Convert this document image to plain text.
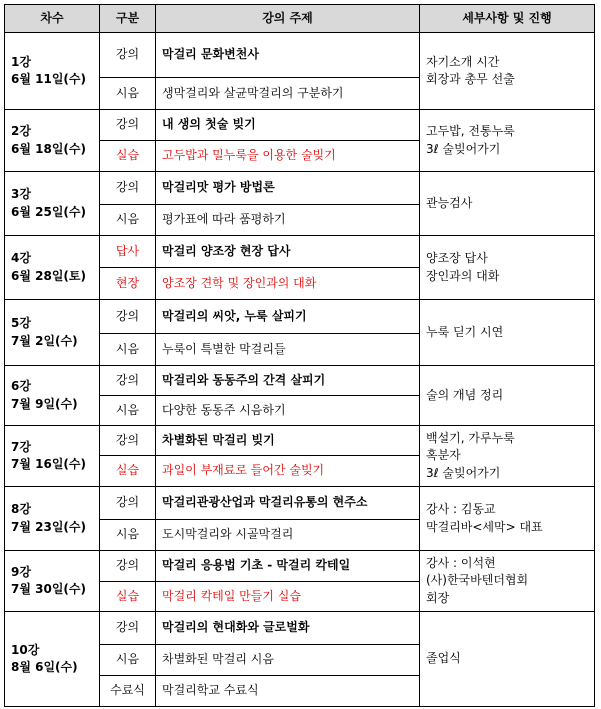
차수	구분	강의 주제	세부사항 및 진행

1강
6월 11일(수)	강의	막걸리 문화변천사	자기소개 시간
회장과 총무 선출

	시음	생막걸리와 살균막걸리의 구분하기	

2강
6월 18일(수)	강의	내 생의 첫술 빚기	고두밥, 전통누룩
3ℓ 술빚어가기

	실습	고두밥과 밀누룩을 이용한 술빚기	

3강
6월 25일(수)	강의	막걸리맛 평가 방법론	관능검사

	시음	평가표에 따라 품평하기	

4강
6월 28일(토)	답사	막걸리 양조장 현장 답사	양조장 답사
장인과의 대화

	현장	양조장 견학 및 장인과의 대화	

5강
7월 2일(수)	강의	막걸리의 씨앗, 누룩 살피기	누룩 딛기 시연

	시음	누룩이 특별한 막걸리들	

6강
7월 9일(수)	강의	막걸리와 동동주의 간격 살피기	술의 개념 정리

	시음	다양한 동동주 시음하기	

7강
7월 16일(수)	강의	차별화된 막걸리 빚기	백설기, 가루누룩
혹분자
3ℓ 술빚어가기

	실습	과일이 부재료로 들어간 술빚기	

8강
7월 23일(수)	강의	막걸리관광산업과 막걸리유통의 현주소	강사 : 김동교
막걸리바<세막> 대표

	시음	도시막걸리와 시골막걸리	

9강
7월 30일(수)	강의	막걸리 응용법 기초 - 막걸리 칵테일	강사 : 이석현
(사)한국바텐더협회
회장

	실습	막걸리 칵테일 만들기 실습	

10강
8월 6일(수)	강의	막걸리의 현대화와 글로벌화	졸업식

	시음	차별화된 막걸리 시음	
	수료식	막걸리학교 수료식	
